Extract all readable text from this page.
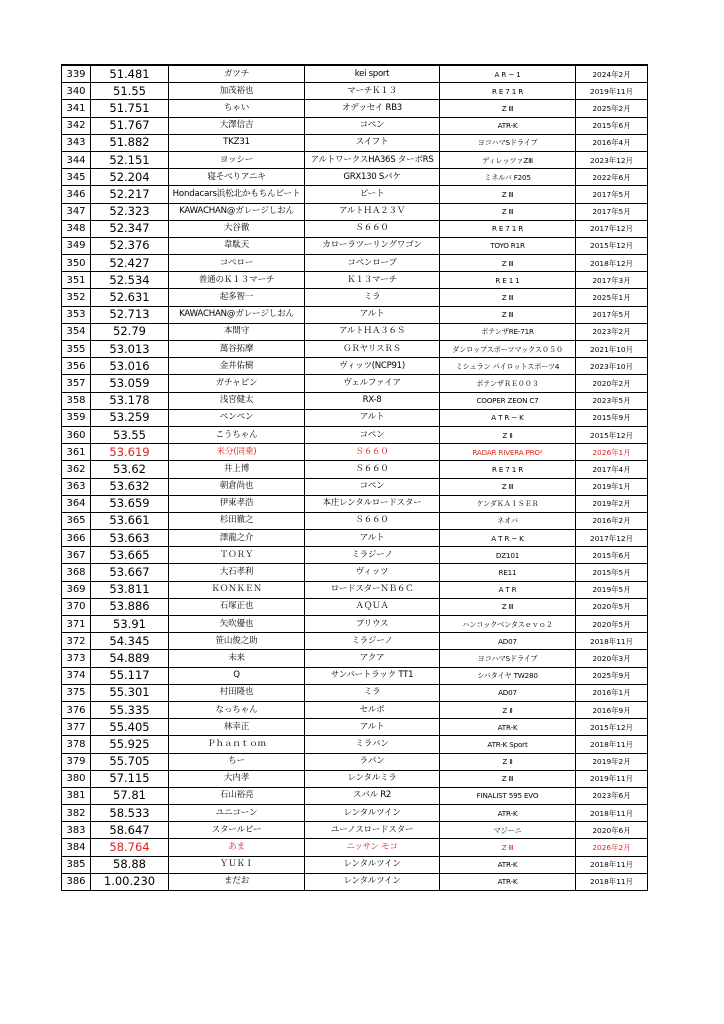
339	51.481	ガツチ	kei sport	A R − 1	2024年2月
340	51.55	加茂裕也	マーチＫ１３	R E 7 1 R	2019年11月
341	51.751	ちゃい	オデッセイ RB3	Z Ⅲ	2025年2月
342	51.767	大澤信吉	コペン	ATR-K	2015年6月
343	51.882	TKZ31	スイフト	ヨコハマSドライブ	2016年4月
344	52.151	ヨッシー	アルトワークスHA36S ターボRS	ディレッツァZⅢ	2023年12月
345	52.204	寝そべりアニキ	GRX130 Sパケ	ミネルバ F205	2022年6月
346	52.217	Hondacars浜松北かもちんピート	ビート	Z Ⅲ	2017年5月
347	52.323	KAWACHAN@ガレージしおん	アルトＨＡ２３Ｖ	Z Ⅲ	2017年5月
348	52.347	大谷徹	Ｓ６６０	R E 7 1 R	2017年12月
349	52.376	韋駄天	カローラツーリングワゴン	TOYO R1R	2015年12月
350	52.427	コペロー	コペンローブ	Z Ⅲ	2018年12月
351	52.534	普通のＫ１３マーチ	Ｋ１３マーチ	R E 1 1	2017年3月
352	52.631	起多智一	ミラ	Z Ⅲ	2025年1月
353	52.713	KAWACHAN@ガレージしおん	アルト	Z Ⅲ	2017年5月
354	52.79	本間守	アルトＨＡ３６Ｓ	ポテンザRE-71R	2023年2月
355	53.013	萬谷拓摩	ＧＲヤリスＲＳ	ダンロップスポーツマックス０５０	2021年10月
356	53.016	金井佑樹	ヴィッツ(NCP91)	ミシュラン パイロットスポーツ4	2023年10月
357	53.059	ガチャピン	ヴェルファイア	ポテンザＲＥ００３	2020年2月
358	53.178	浅宮健太	RX-8	COOPER ZEON C7	2023年5月
359	53.259	ペンペン	アルト	A T R − K	2015年9月
360	53.55	こうちゃん	コペン	Z Ⅱ	2015年12月
361	53.619	米分(同乗)	Ｓ６６０	RADAR RIVERA PRO²	2026年1月
362	53.62	井上博	Ｓ６６０	R E 7 1 R	2017年4月
363	53.632	朝倉尚也	コペン	Z Ⅲ	2019年1月
364	53.659	伊東孝浩	本庄レンタルロードスター	ケンダＫＡＩＳＥＲ	2019年2月
365	53.661	杉田徹之	Ｓ６６０	ネオバ	2016年2月
366	53.663	澤龍之介	アルト	A T R − K	2017年12月
367	53.665	ＴＯＲＹ	ミラジーノ	DZ101	2015年6月
368	53.667	大石孝利	ヴィッツ	RE11	2015年5月
369	53.811	ＫＯＮＫＥＮ	ロードスターＮＢ６Ｃ	A T R	2019年5月
370	53.886	石塚正也	ＡＱＵＡ	Z Ⅲ	2020年5月
371	53.91	矢吹優也	プリウス	ハンコックベンタスｅｖｏ２	2020年5月
372	54.345	笹山俊之助	ミラジーノ	AD07	2018年11月
373	54.889	未来	アクア	ヨコハマSドライブ	2020年3月
374	55.117	Q	サンバートラック TT1	シバタイヤ TW280	2025年9月
375	55.301	村田隆也	ミラ	AD07	2016年1月
376	55.335	なっちゃん	セルボ	Z Ⅱ	2016年9月
377	55.405	林幸正	アルト	ATR-K	2015年12月
378	55.925	Ｐｈａｎｔｏｍ	ミラバン	ATR-K Sport	2018年11月
379	55.705	ちー	ラパン	Z Ⅱ	2019年2月
380	57.115	大内孝	レンタルミラ	Z Ⅲ	2019年11月
381	57.81	石山裕亮	スバル R2	FINALIST 595 EVO	2023年6月
382	58.533	ユニコーン	レンタルツイン	ATR-K	2018年11月
383	58.647	スタールビー	ユーノスロードスター	マジーニ	2020年6月
384	58.764	あま	ニッサン モコ	Z Ⅲ	2026年2月
385	58.88	ＹＵＫＩ	レンタルツイン	ATR-K	2018年11月
386	1.00.230	まだお	レンタルツイン	ATR-K	2018年11月
